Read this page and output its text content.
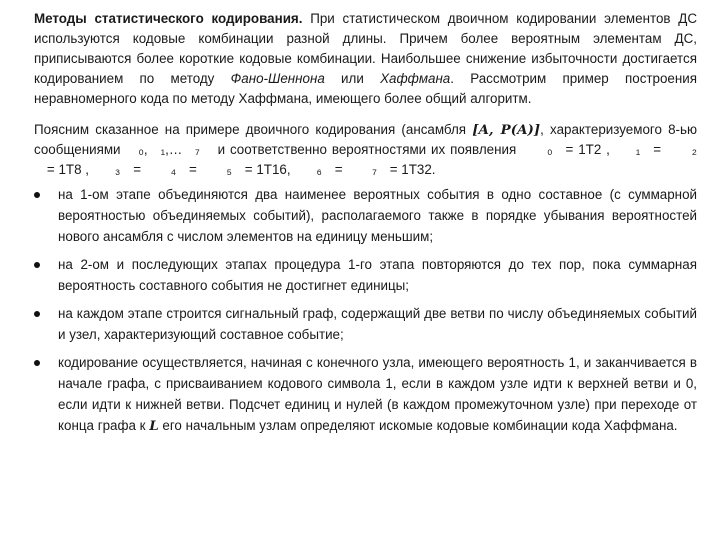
Методы статистического кодирования. При статистическом двоичном кодировании элементов ДС используются кодовые комбинации разной длины. Причем более вероятным элементам ДС, приписываются более короткие кодовые комбинации. Наибольшее снижение избыточности достигается кодированием по методу Фано-Шеннона или Хаффмана. Рассмотрим пример построения неравномерного кода по методу Хаффмана, имеющего более общий алгоритм.

Поясним сказанное на примере двоичного кодирования (ансамбля [A, P(A)], характеризуемого 8-ью сообщениями ᅟ₀,ᅟ₁,…ᅟ₇ᅟ и соответственно вероятностями их появления ᅟᅟ₀ᅟ= 1Т2 ,ᅟᅟ₁ᅟ= ᅟᅟ₂ᅟ= 1Т8 ,ᅟᅟ₃ᅟ= ᅟᅟ₄ᅟ= ᅟᅟ₅ᅟ= 1Т16,ᅟᅟ₆ᅟ= ᅟᅟ₇ᅟ= 1Т32.

на 1-ом этапе объединяются два наименее вероятных события в одно составное (с суммарной вероятностью объединяемых событий), располагаемого также в порядке убывания вероятностей нового ансамбля с числом элементов на единицу меньшим;
на 2-ом и последующих этапах процедура 1-го этапа повторяются до тех пор, пока суммарная вероятность составного события не достигнет единицы;
на каждом этапе строится сигнальный граф, содержащий две ветви по числу объединяемых событий и узел, характеризующий составное событие;
кодирование осуществляется, начиная с конечного узла, имеющего вероятность 1, и заканчивается в начале графа, с присваиванием кодового символа 1, если в каждом узле идти к верхней ветви и 0, если идти к нижней ветви. Подсчет единиц и нулей (в каждом промежуточном узле) при переходе от конца графа к L его начальным узлам определяют искомые кодовые комбинации кода Хаффмана.
